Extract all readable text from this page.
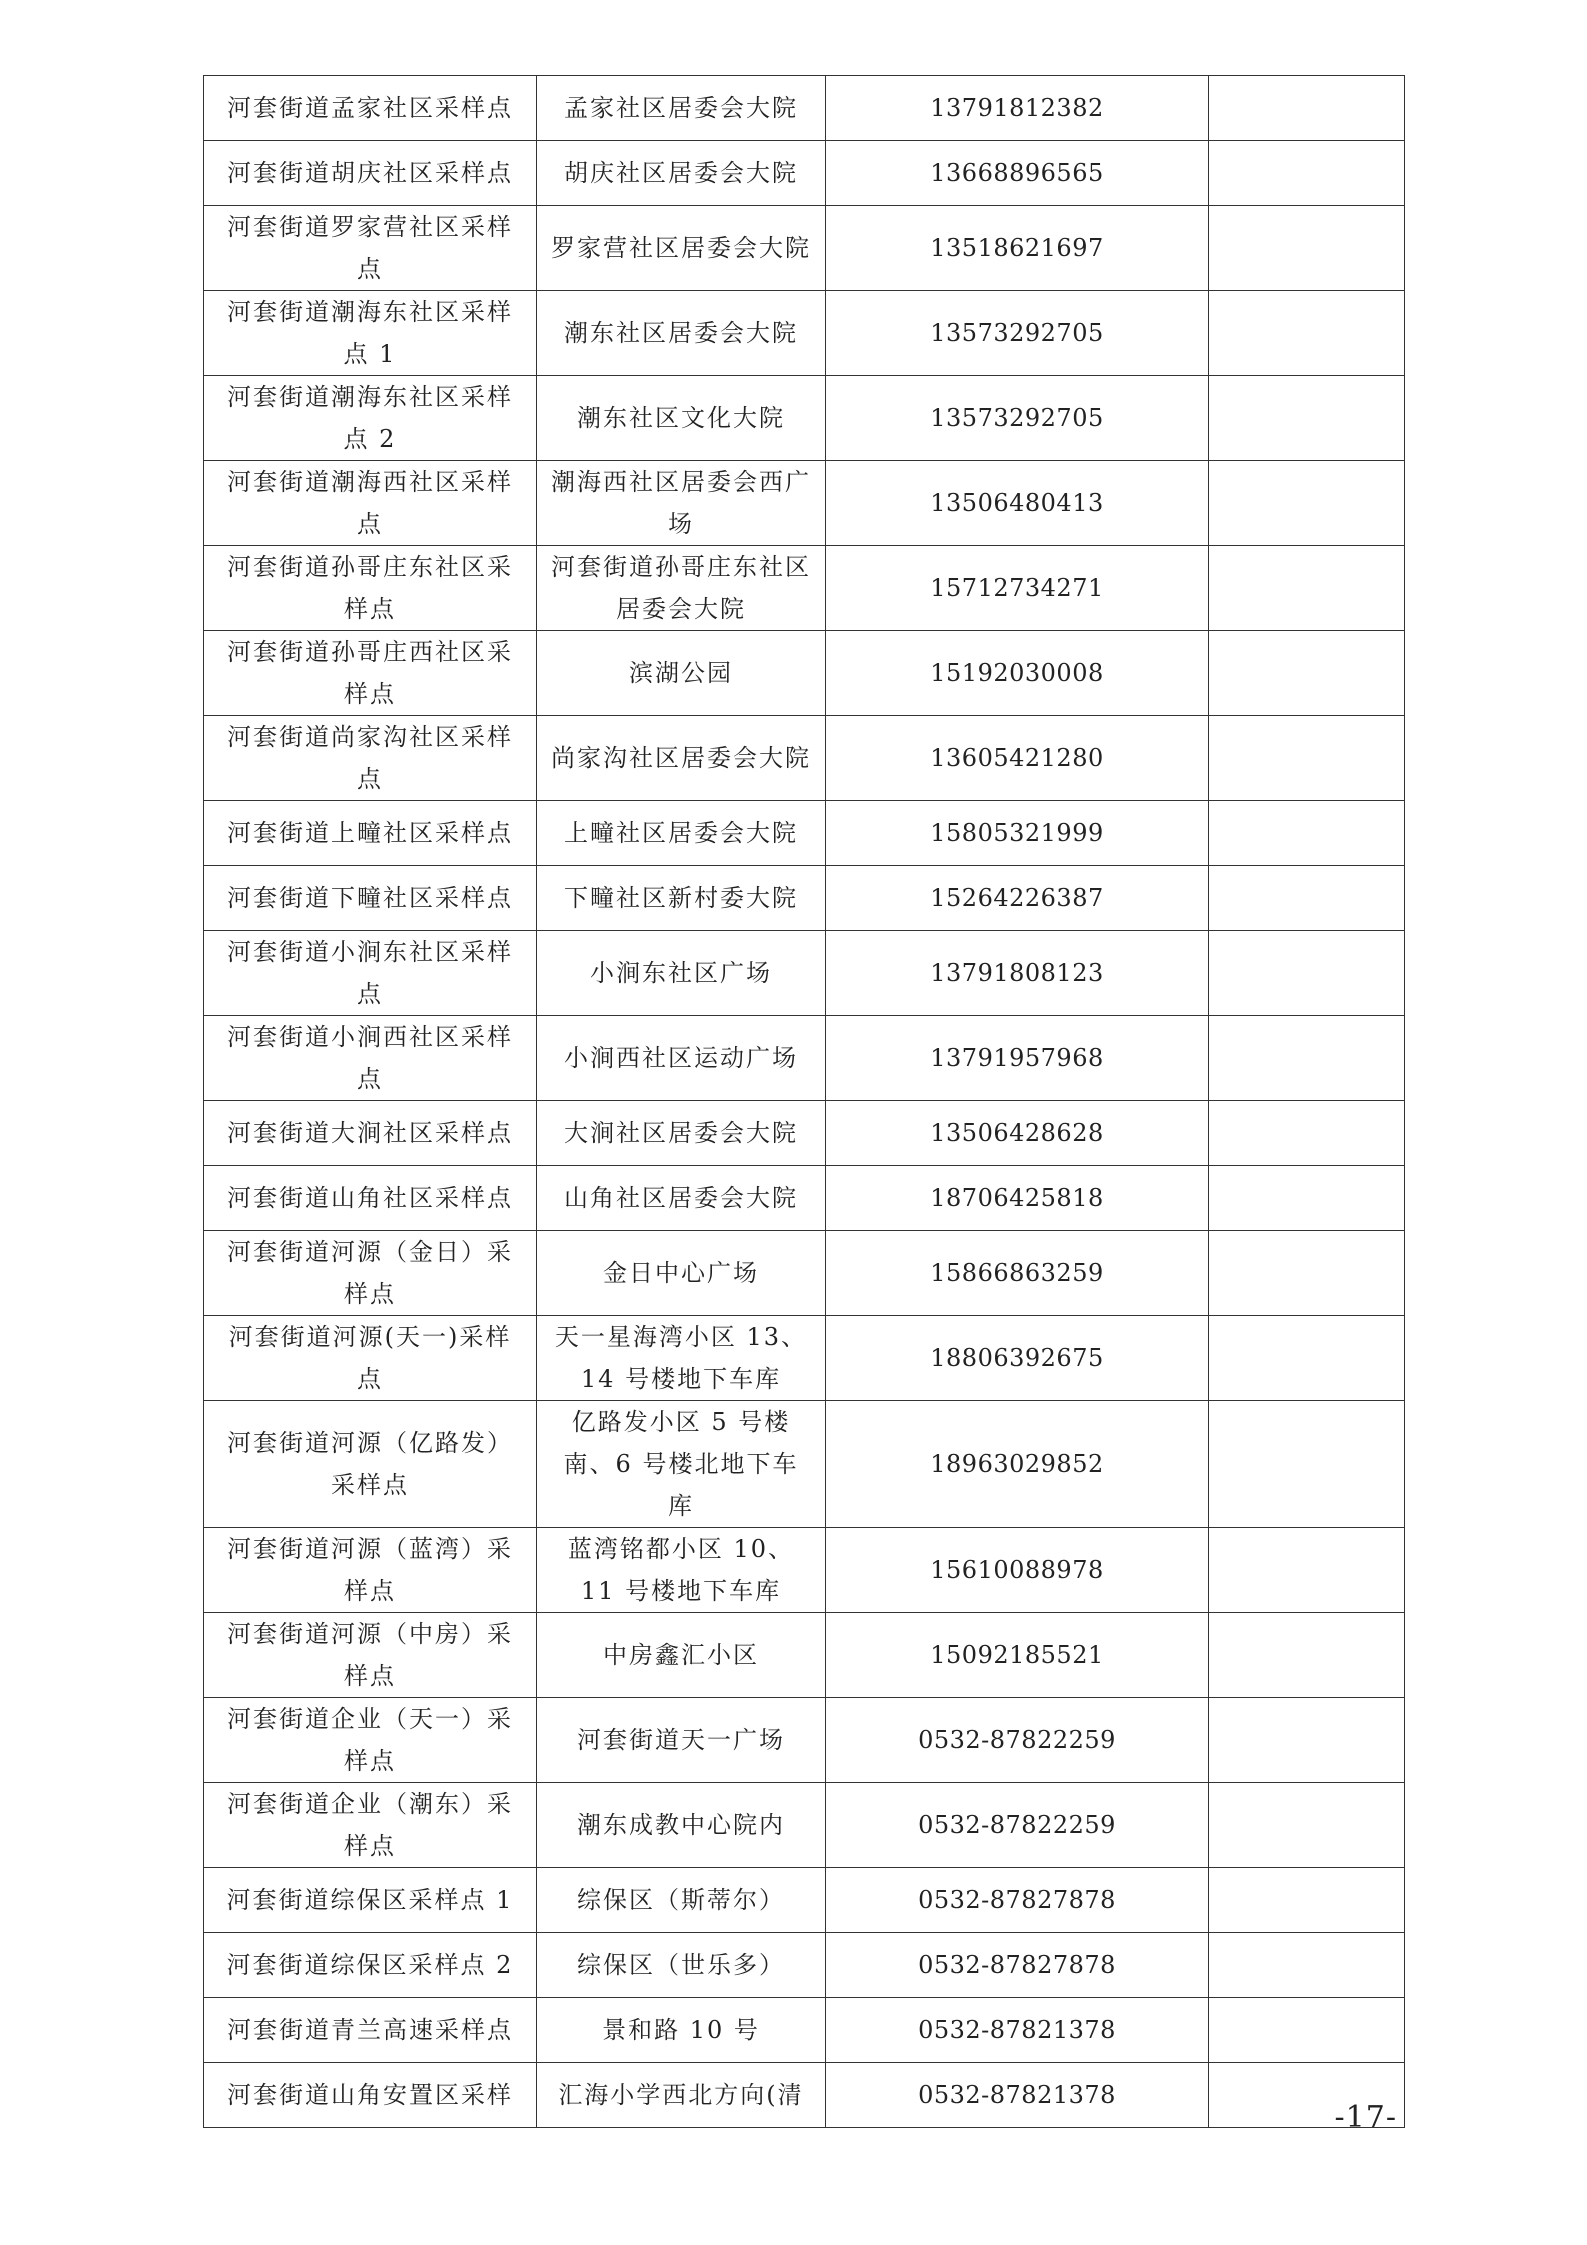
河套街道孟家社区采样点	孟家社区居委会大院	13791812382	
河套街道胡庆社区采样点	胡庆社区居委会大院	13668896565	
河套街道罗家营社区采样点	罗家营社区居委会大院	13518621697	
河套街道潮海东社区采样点 1	潮东社区居委会大院	13573292705	
河套街道潮海东社区采样点 2	潮东社区文化大院	13573292705	
河套街道潮海西社区采样点	潮海西社区居委会西广场	13506480413	
河套街道孙哥庄东社区采样点	河套街道孙哥庄东社区居委会大院	15712734271	
河套街道孙哥庄西社区采样点	滨湖公园	15192030008	
河套街道尚家沟社区采样点	尚家沟社区居委会大院	13605421280	
河套街道上疃社区采样点	上疃社区居委会大院	15805321999	
河套街道下疃社区采样点	下疃社区新村委大院	15264226387	
河套街道小涧东社区采样点	小涧东社区广场	13791808123	
河套街道小涧西社区采样点	小涧西社区运动广场	13791957968	
河套街道大涧社区采样点	大涧社区居委会大院	13506428628	
河套街道山角社区采样点	山角社区居委会大院	18706425818	
河套街道河源（金日）采样点	金日中心广场	15866863259	
河套街道河源(天一)采样点	天一星海湾小区 13、14 号楼地下车库	18806392675	
河套街道河源（亿路发）采样点	亿路发小区 5 号楼南、6 号楼北地下车库	18963029852	
河套街道河源（蓝湾）采样点	蓝湾铭都小区 10、11 号楼地下车库	15610088978	
河套街道河源（中房）采样点	中房鑫汇小区	15092185521	
河套街道企业（天一）采样点	河套街道天一广场	0532-87822259	
河套街道企业（潮东）采样点	潮东成教中心院内	0532-87822259	
河套街道综保区采样点 1	综保区（斯蒂尔）	0532-87827878	
河套街道综保区采样点 2	综保区（世乐多）	0532-87827878	
河套街道青兰高速采样点	景和路 10 号	0532-87821378	
河套街道山角安置区采样	汇海小学西北方向(清	0532-87821378	
-17-
